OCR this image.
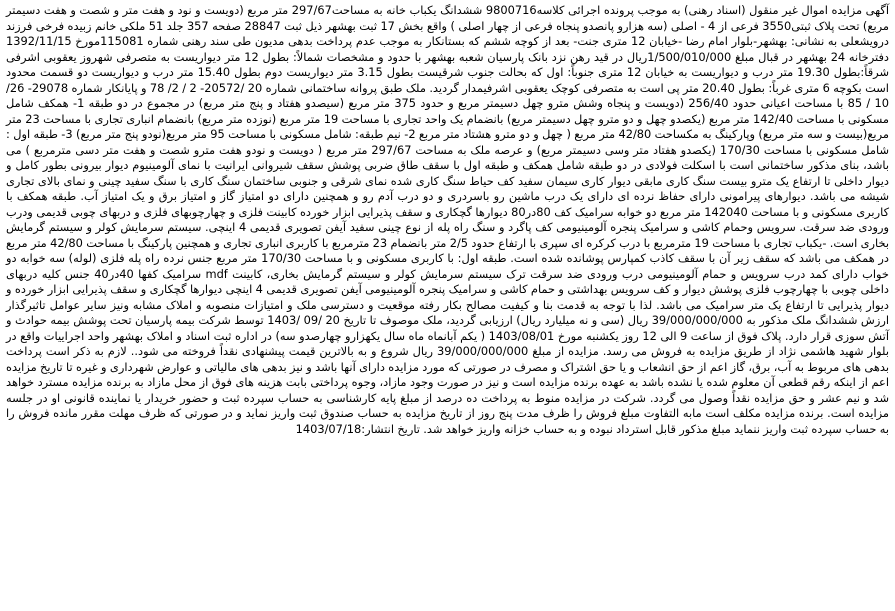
آگهی مزایده اموال غیر منقول (اسناد رهنی) به موجب پرونده اجرائی کلاسه9800716 ششدانگ یکباب خانه به مساحت297/67 متر مربع (دویست و نود و هفت متر و شصت و هفت دسیمتر مربع) تحت پلاک ثبتی3550 فرعی از 4 - اصلی (سه هزارو پانصدو پنجاه فرعی از چهار اصلی ) واقع بخش 17 ثبت بهشهر ذیل ثبت 28847 صفحه 357 جلد 51 ملکی خانم زبیده فرخی فرزند درویشعلی به نشانی: بهشهر-بلوار امام رضا -خیابان 12 متری جنت- بعد از کوچه ششم که بستانکار به موجب عدم پرداخت بدهی مدیون طی سند رهنی شماره 115081مورخ 1392/11/15 دفترخانه 24 بهشهر در قبال مبلغ 1/500/010/000ریال در قید رهن نزد بانک پارسیان شعبه بهشهر با حدود و مشخصات شمالاً: بطول 12 متر دیواریست به متصرفی شهروز یعقوبی اشرفی شرقاً:بطول 19.30 متر درب و دیواریست به خیابان 12 متری جنوباً: اول که بحالت جنوب شرقیست بطول 3.15 متر دیواریست دوم بطول 15.40 متر درب و دیواریست دو قسمت محدود است بکوچه 6 متری غرباً: بطول 20.40 متر پی است به متصرفی کوچک یعقوبی اشرفیمدار گردید. ملک طبق پروانه ساختمانی شماره 20 /20572- 2 / 2/ 78 و پایانکار شماره 29078- 26/ 10 / 85 با مساحت اعیانی حدود 256/40 (دویست و پنجاه وشش مترو چهل دسیمتر مربع و حدود 375 متر مربع (سیصدو هفتاد و پنج متر مربع) در مجموع در دو طبقه 1- همکف شامل مسکونی با مساحت 142/40 متر مربع (یکصدو چهل و دو مترو چهل دسیمتر مربع) بانضمام یک واحد تجاری با مساحت 19 متر مربع (نوزده متر مربع) بانضمام انباری تجاری با مساحت 23 متر مربع(بیست و سه متر مربع) وپارکینگ به مکساحت 42/80 متر مربع ( چهل و دو مترو هشتاد متر مربع 2- نیم طبقه: شامل مسکونی با مساحت 95 متر مربع(نودو پنج متر مربع) 3- طبقه اول : شامل مسکونی با مساحت 170/30 (یکصدو هفتاد متر وسی دسیمتر مربع) و عرصه ملک به مساحت 297/67 متر مربع ( دویست و نودو هفت مترو شصت و هفت متر دسی مترمربع ) می باشد، بنای مذکور ساختمانی است با اسکلت فولادی در دو طبقه شامل همکف و طبقه اول با سقف طاق ضربی پوشش سقف شیروانی ایرانیت با نمای آلومینیوم دیوار بیرونی بطور کامل و دیوار داخلی تا ارتفاع یک مترو بیست سنگ کاری مابقی دیوار کاری سیمان سفید کف حیاط سنگ کاری شده نمای شرقی و جنوبی ساختمان سنگ کاری با سنگ سفید چینی و نمای بالای تجاری شیشه می باشد. دیوارهای پیرامونی دارای حفاظ نرده ای دارای یک درب ماشین رو باسردری و دو درب آدم رو و همچنین دارای دو امتیاز گاز و امتیاز برق و یک امتیاز آب. طبقه همکف با کاربری مسکونی و با مساحت 142040 متر مربع دو خوابه سرامیک کف 80در80 دیوارها گچکاری و سقف پذیرایی ابزار خورده کابینت فلزی و چهارچوبهای فلزی و دربهای چوبی قدیمی ودرب ورودی ضد سرقت. سرویس وحمام کاشی و سرامیک پنجره آلومینیومی کف پاگرد و سنگ راه پله از نوع چینی سفید آیفن تصویری قدیمی 4 اینچی. سیستم سرمایش کولر و سیستم گرمایش بخاری است. -یکباب تجاری با مساحت 19 مترمربع با درب کرکره ای سپری با ارتفاع حدود 2/5 متر بانضمام 23 مترمربع با کاربری انباری تجاری و همچنین پارکینگ با مساحت 42/80 متر مربع در همکف می باشد که سقف زیر آن با سقف کاذب کمپارس پوشانده شده است. طبقه اول: با کاربری مسکونی و با مساحت 170/30 متر مربع جنس نرده راه پله فلزی (لوله) سه خوابه دو خواب دارای کمد درب سرویس و حمام آلومینیومی درب ورودی ضد سرقت ترک سیستم سرمایش کولر و سیستم گرمایش بخاری، کابینت mdf سرامیک کفها 40در40 جنس کلیه دربهای داخلی چوبی با چهارچوب فلزی پوشش دیوار و کف سرویس بهداشتی و حمام کاشی و سرامیک پنجره آلومینیومی آیفن تصویری قدیمی 4 اینچی دیوارها گچکاری و سقف پذیرایی ابزار خورده و دیوار پذیرایی تا ارتفاع یک متر سرامیک می باشد. لذا با توجه به قدمت بنا و کیفیت مصالح بکار رفته موقعیت و دسترسی ملک و امتیازات منصوبه و املاک مشابه ونیز سایر عوامل تاثیرگذار ارزش ششدانگ ملک مذکور به 39/000/000/000 ریال (سی و نه میلیارد ریال) ارزیابی گردید، ملک موصوف تا تاریخ 20 /09 /1403 توسط شرکت بیمه پارسیان تحت پوشش بیمه حوادث و آتش سوزی قرار دارد. پلاک فوق از ساعت 9 الی 12 روز یکشنبه مورخ 1403/08/01 ( یکم آبانماه ماه سال یکهزارو چهارصدو سه) در اداره ثبت اسناد و املاک بهشهر واحد اجراییات واقع در بلوار شهید هاشمی نژاد از طریق مزایده به فروش می رسد. مزایده از مبلغ 39/000/000/000 ریال شروع و به بالاترین قیمت پیشنهادی نقداً فروخته می شود.. لازم به ذکر است پرداخت بدهی های مربوط به آب، برق، گاز اعم از حق انشعاب و یا حق اشتراک و مصرف در صورتی که مورد مزایده دارای آنها باشد و نیز بدهی های مالیاتی و عوارض شهرداری و غیره تا تاریخ مزایده اعم از اینکه رقم قطعی آن معلوم شده یا نشده باشد به عهده برنده مزایده است و نیز در صورت وجود مازاد، وجوه پرداختی بابت هزینه های فوق از محل مازاد به برنده مزایده مسترد خواهد شد و نیم عشر و حق مزایده نقداً وصول می گردد. شرکت در مزایده منوط به پرداخت ده درصد از مبلغ پایه کارشناسی به حساب سپرده ثبت و حضور خریدار یا نماینده قانونی او در جلسه مزایده است. برنده مزایده مکلف است مابه التفاوت مبلغ فروش را ظرف مدت پنج روز از تاریخ مزایده به حساب صندوق ثبت واریز نماید و در صورتی که ظرف مهلت مقرر مانده فروش را به حساب سپرده ثبت واریز ننماید مبلغ مذکور قابل استرداد نبوده و به حساب خزانه واریز خواهد شد. تاریخ انتشار:1403/07/18
